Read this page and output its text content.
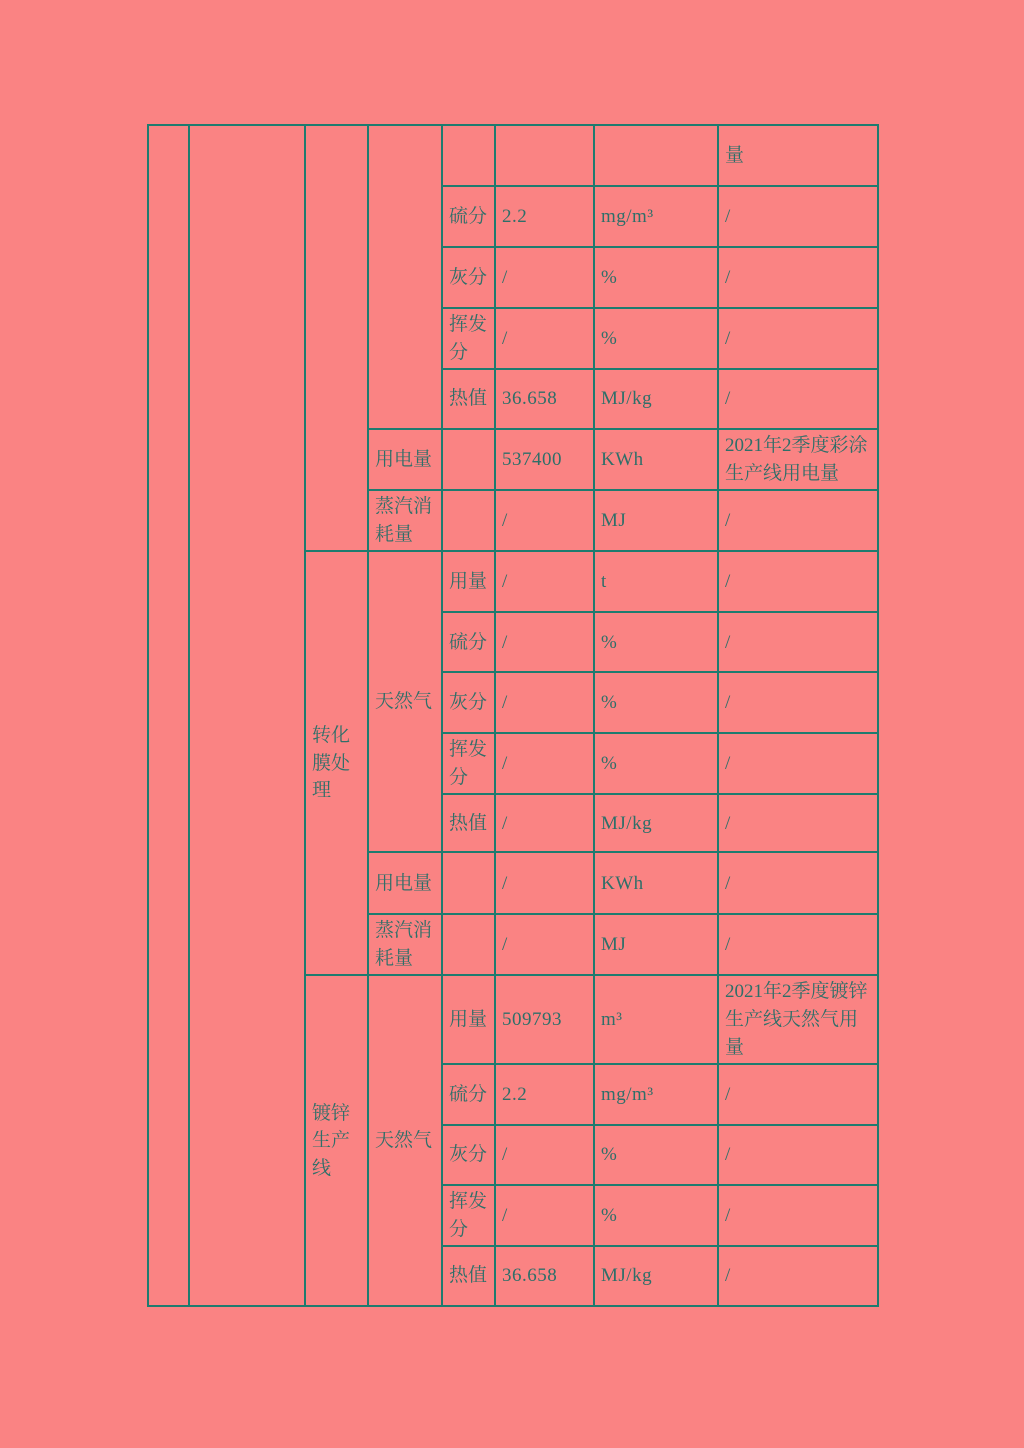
							量
				硫分	2.2	mg/m³	/
				灰分	/	%	/
				挥发分	/	%	/
				热值	36.658	MJ/kg	/
			用电量		537400	KWh	2021年2季度彩涂生产线用电量
			蒸汽消耗量		/	MJ	/
		转化膜处理	天然气	用量	/	t	/
				硫分	/	%	/
				灰分	/	%	/
				挥发分	/	%	/
				热值	/	MJ/kg	/
			用电量		/	KWh	/
			蒸汽消耗量		/	MJ	/
		镀锌生产线	天然气	用量	509793	m³	2021年2季度镀锌生产线天然气用量
				硫分	2.2	mg/m³	/
				灰分	/	%	/
				挥发分	/	%	/
				热值	36.658	MJ/kg	/
